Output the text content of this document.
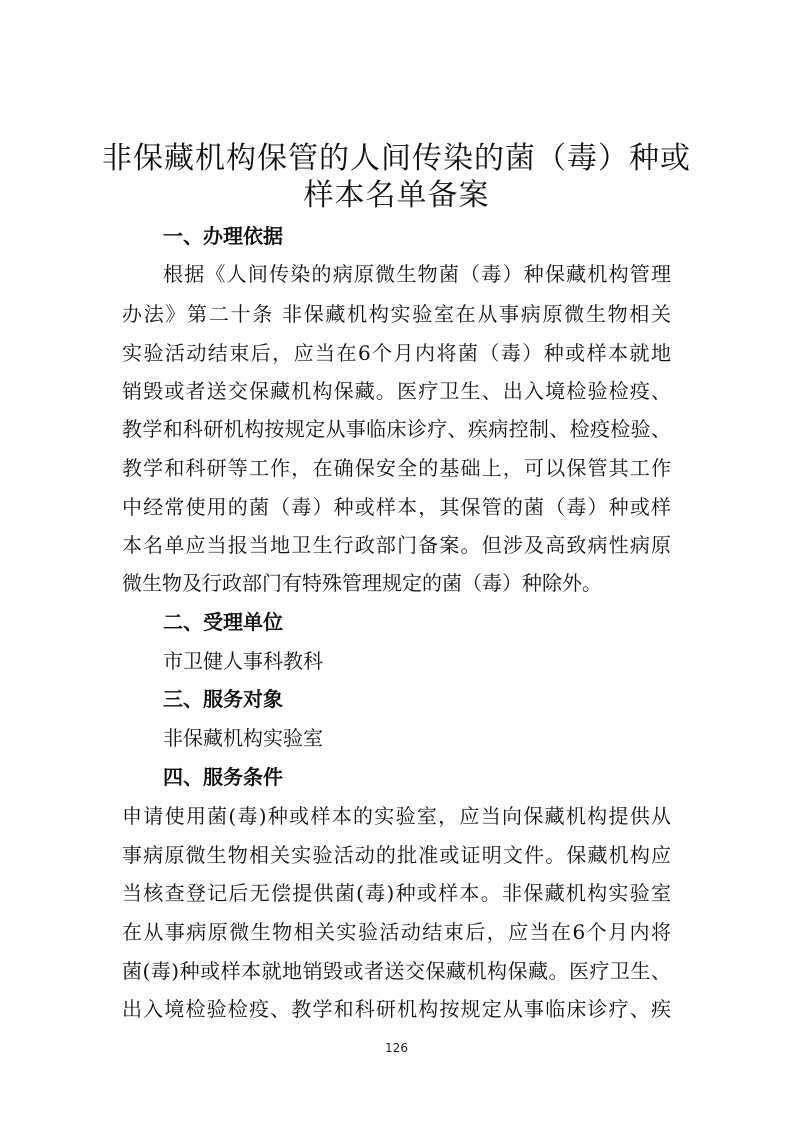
非保藏机构保管的人间传染的菌（毒）种或
样本名单备案
一、办理依据
根据《人间传染的病原微生物菌（毒）种保藏机构管理
办法》第二十条 非保藏机构实验室在从事病原微生物相关
实验活动结束后，应当在6个月内将菌（毒）种或样本就地
销毁或者送交保藏机构保藏。医疗卫生、出入境检验检疫、
教学和科研机构按规定从事临床诊疗、疾病控制、检疫检验、
教学和科研等工作，在确保安全的基础上，可以保管其工作
中经常使用的菌（毒）种或样本，其保管的菌（毒）种或样
本名单应当报当地卫生行政部门备案。但涉及高致病性病原
微生物及行政部门有特殊管理规定的菌（毒）种除外。
二、受理单位
市卫健人事科教科
三、服务对象
非保藏机构实验室
四、服务条件
申请使用菌(毒)种或样本的实验室，应当向保藏机构提供从
事病原微生物相关实验活动的批准或证明文件。保藏机构应
当核查登记后无偿提供菌(毒)种或样本。非保藏机构实验室
在从事病原微生物相关实验活动结束后，应当在6个月内将
菌(毒)种或样本就地销毁或者送交保藏机构保藏。医疗卫生、
出入境检验检疫、教学和科研机构按规定从事临床诊疗、疾
126
